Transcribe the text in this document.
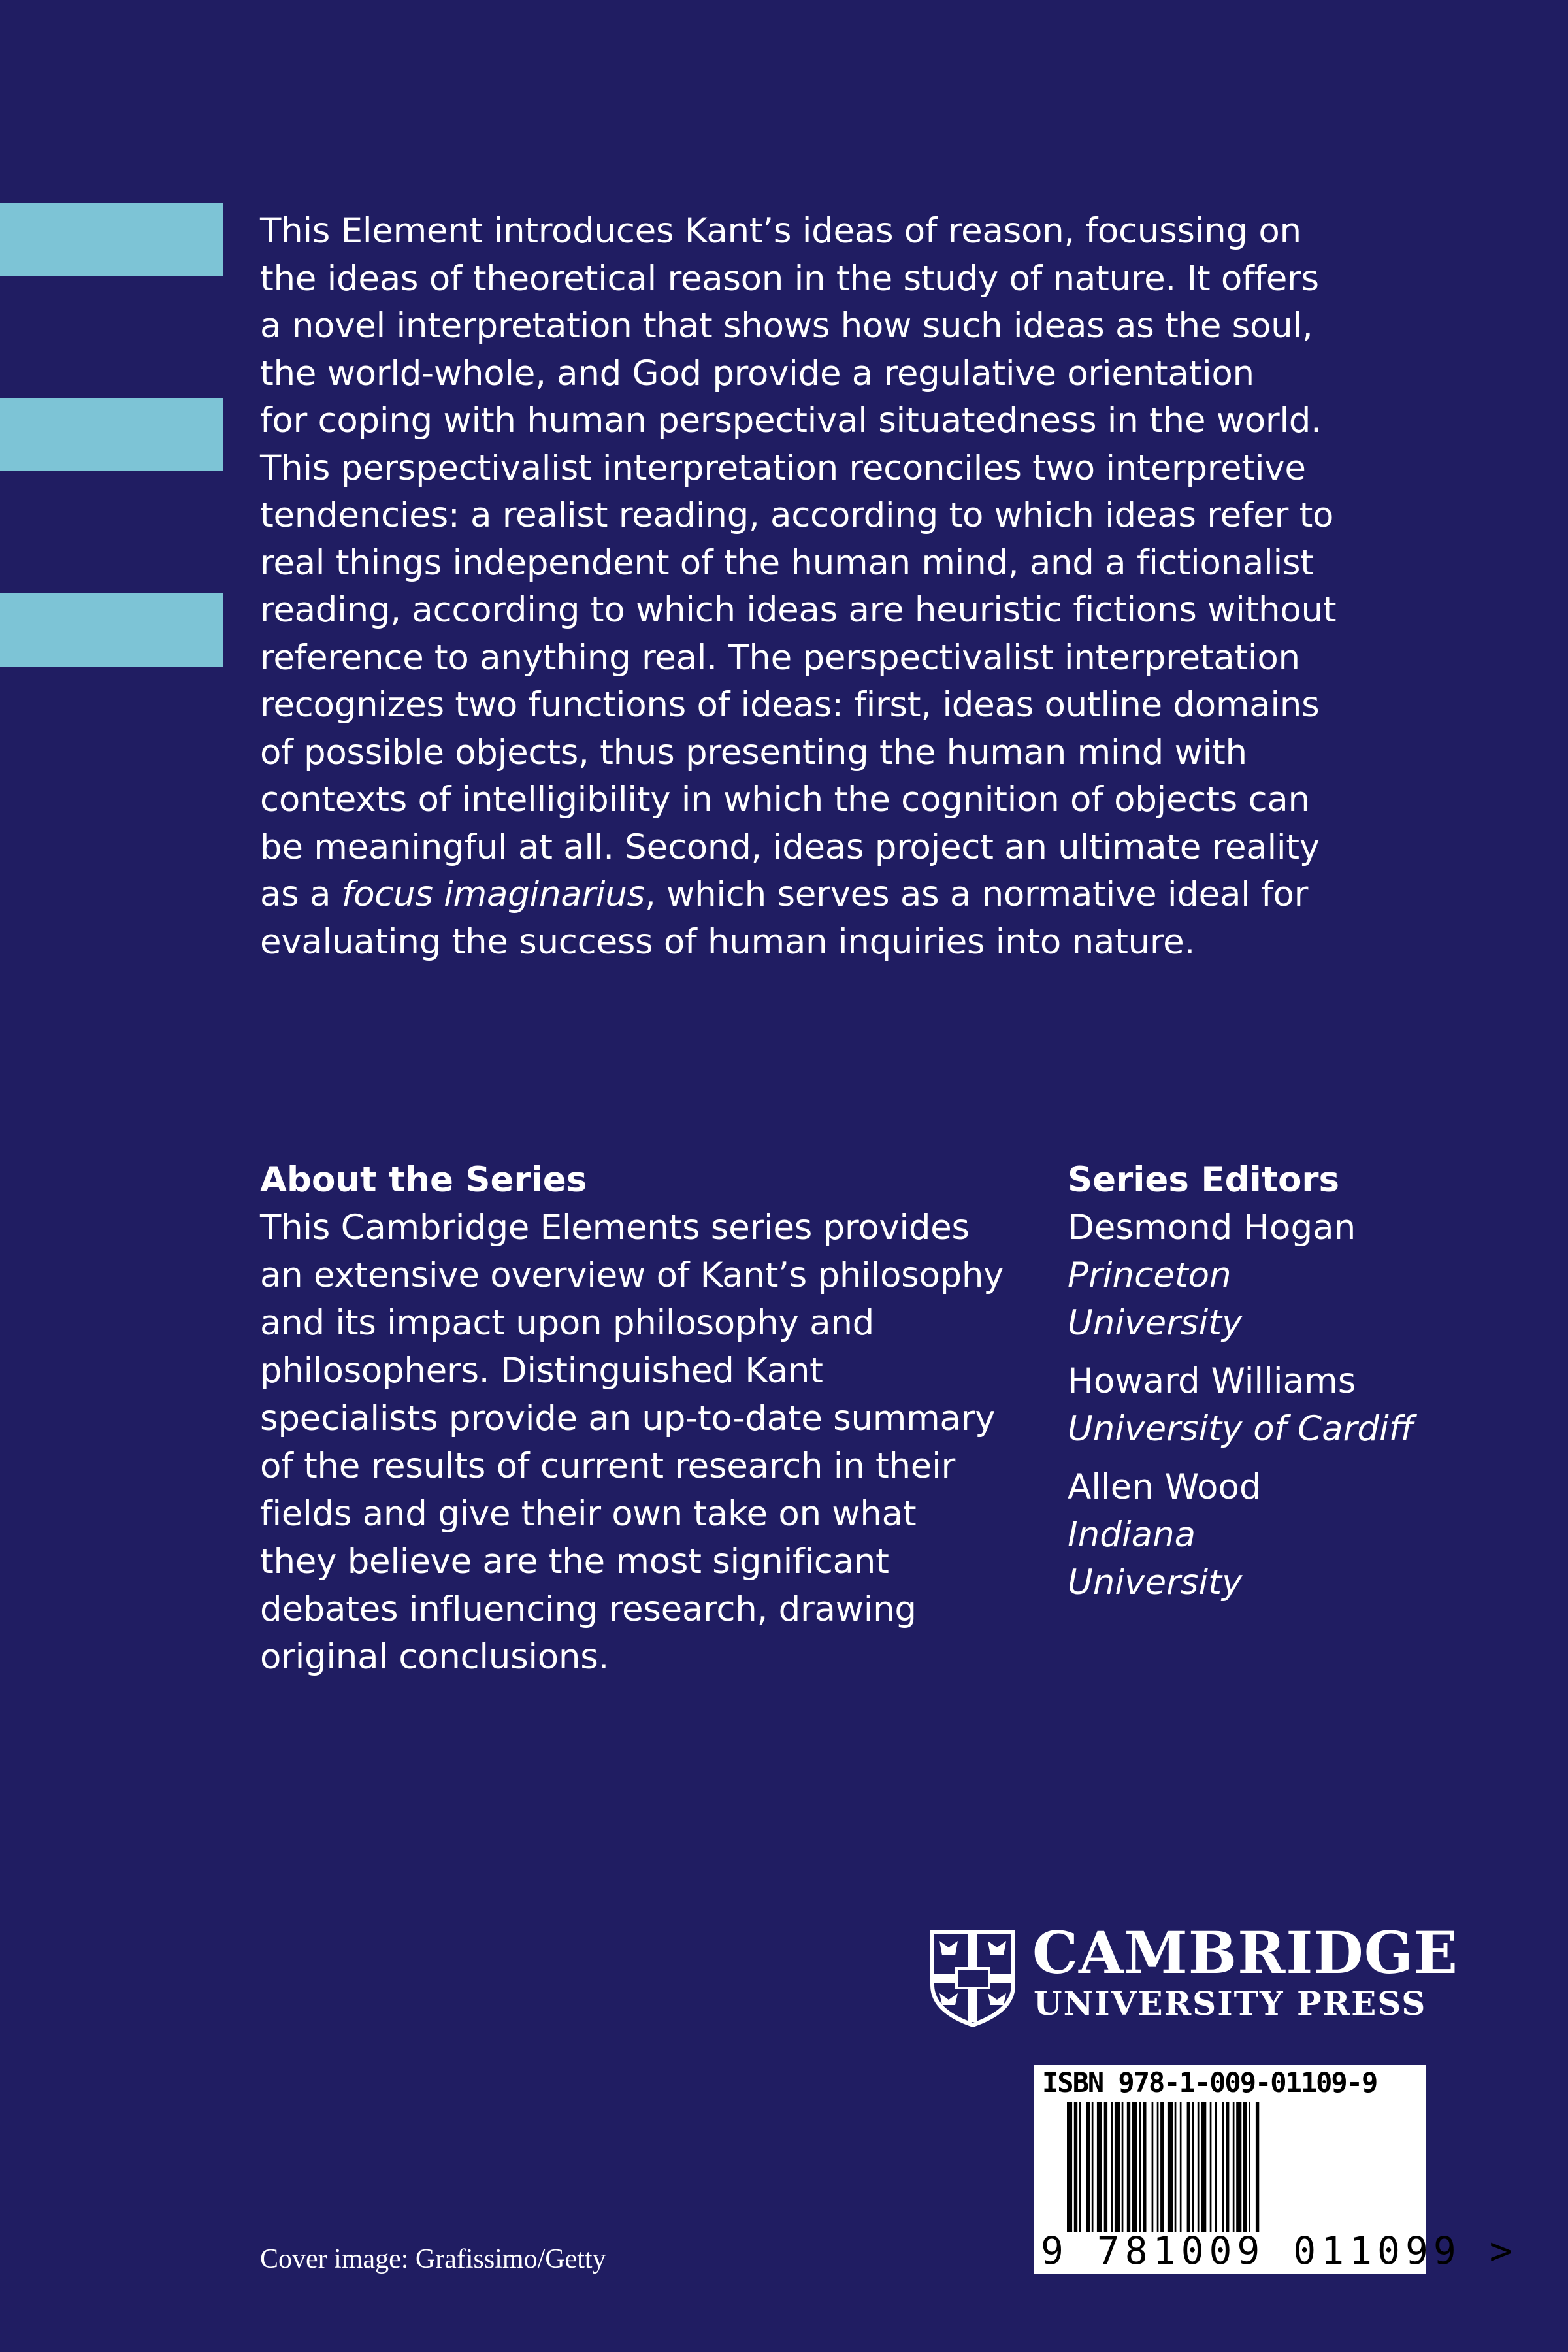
This Element introduces Kant’s ideas of reason, focussing on
the ideas of theoretical reason in the study of nature. It offers
a novel interpretation that shows how such ideas as the soul,
the world-whole, and God provide a regulative orientation
for coping with human perspectival situatedness in the world.
This perspectivalist interpretation reconciles two interpretive
tendencies: a realist reading, according to which ideas refer to
real things independent of the human mind, and a fictionalist
reading, according to which ideas are heuristic fictions without
reference to anything real. The perspectivalist interpretation
recognizes two functions of ideas: first, ideas outline domains
of possible objects, thus presenting the human mind with
contexts of intelligibility in which the cognition of objects can
be meaningful at all. Second, ideas project an ultimate reality
as a focus imaginarius, which serves as a normative ideal for
evaluating the success of human inquiries into nature.

About the Series

This Cambridge Elements series provides
an extensive overview of Kant’s philosophy
and its impact upon philosophy and
philosophers. Distinguished Kant
specialists provide an up-to-date summary
of the results of current research in their
fields and give their own take on what
they believe are the most significant
debates influencing research, drawing
original conclusions.

Series Editors
Desmond Hogan
Princeton
University
Howard Williams
University of Cardiff
Allen Wood
Indiana
University
CAMBRIDGE
UNIVERSITY PRESS
ISBN 978-1-009-01109-9
9 781009 011099 >
Cover image: Grafissimo/Getty
